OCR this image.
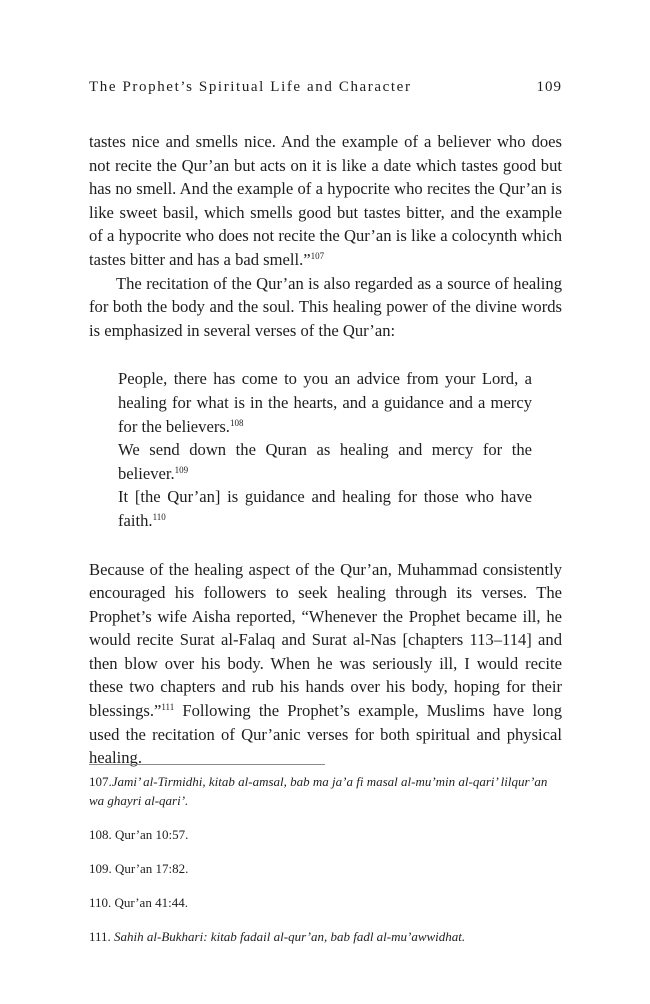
The Prophet’s Spiritual Life and Character	109

tastes nice and smells nice. And the example of a believer who does not recite the Qur’an but acts on it is like a date which tastes good but has no smell. And the example of a hypocrite who recites the Qur’an is like sweet basil, which smells good but tastes bitter, and the example of a hypocrite who does not recite the Qur’an is like a colocynth which tastes bitter and has a bad smell.”$^{107}$

The recitation of the Qur’an is also regarded as a source of healing for both the body and the soul. This healing power of the divine words is emphasized in several verses of the Qur’an:

People, there has come to you an advice from your Lord, a healing for what is in the hearts, and a guidance and a mercy for the believers.$^{108}$

We send down the Quran as healing and mercy for the believer.$^{109}$

It [the Qur’an] is guidance and healing for those who have faith.$^{110}$

Because of the healing aspect of the Qur’an, Muhammad consistently encouraged his followers to seek healing through its verses. The Prophet’s wife Aisha reported, “Whenever the Prophet became ill, he would recite Surat al-Falaq and Surat al-Nas [chapters 113–114] and then blow over his body. When he was seriously ill, I would recite these two chapters and rub his hands over his body, hoping for their blessings.”$^{111}$ Following the Prophet’s example, Muslims have long used the recitation of Qur’anic verses for both spiritual and physical healing.

107.Jami’ al-Tirmidhi, kitab al-amsal, bab ma ja’a fi masal al-mu’min al-qari’ lilqur’an wa ghayri al-qari’.

108. Qur’an 10:57.

109. Qur’an 17:82.

110. Qur’an 41:44.

111. Sahih al-Bukhari: kitab fadail al-qur’an, bab fadl al-mu’awwidhat.
